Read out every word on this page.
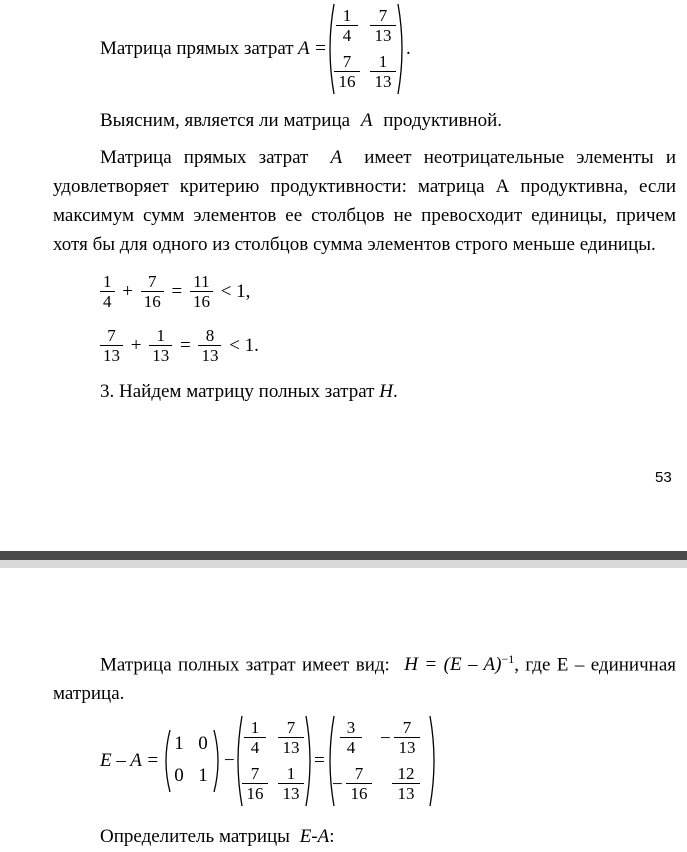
Матрица прямых затрат A =
$\frac{1}{4} \frac{7}{13}$
$\frac{7}{16} \frac{1}{13}$
.
Выясним, является ли матрица A продуктивной.
Матрица прямых затрат A имеет неотрицательные элементы и удовлетворяет критерию продуктивности: матрица А продуктивна, если максимум сумм элементов ее столбцов не превосходит единицы, причем хотя бы для одного из столбцов сумма элементов строго меньше единицы.
$\frac{1}{4} + \frac{7}{16} = \frac{11}{16} < 1$,
$\frac{7}{13} + \frac{1}{13} = \frac{8}{13} < 1$.
3. Найдем матрицу полных затрат H.
53
Матрица полных затрат имеет вид: H = (E – A)$^{-1}$, где Е – единичная матрица.
E – A =
1 0
0 1
−
$\frac{1}{4} \frac{7}{13}$
$\frac{7}{16} \frac{1}{13}$
=
$\frac{3}{4} - \frac{7}{13}$
− $\frac{7}{16} \frac{12}{13}$
Определитель матрицы E-A:
